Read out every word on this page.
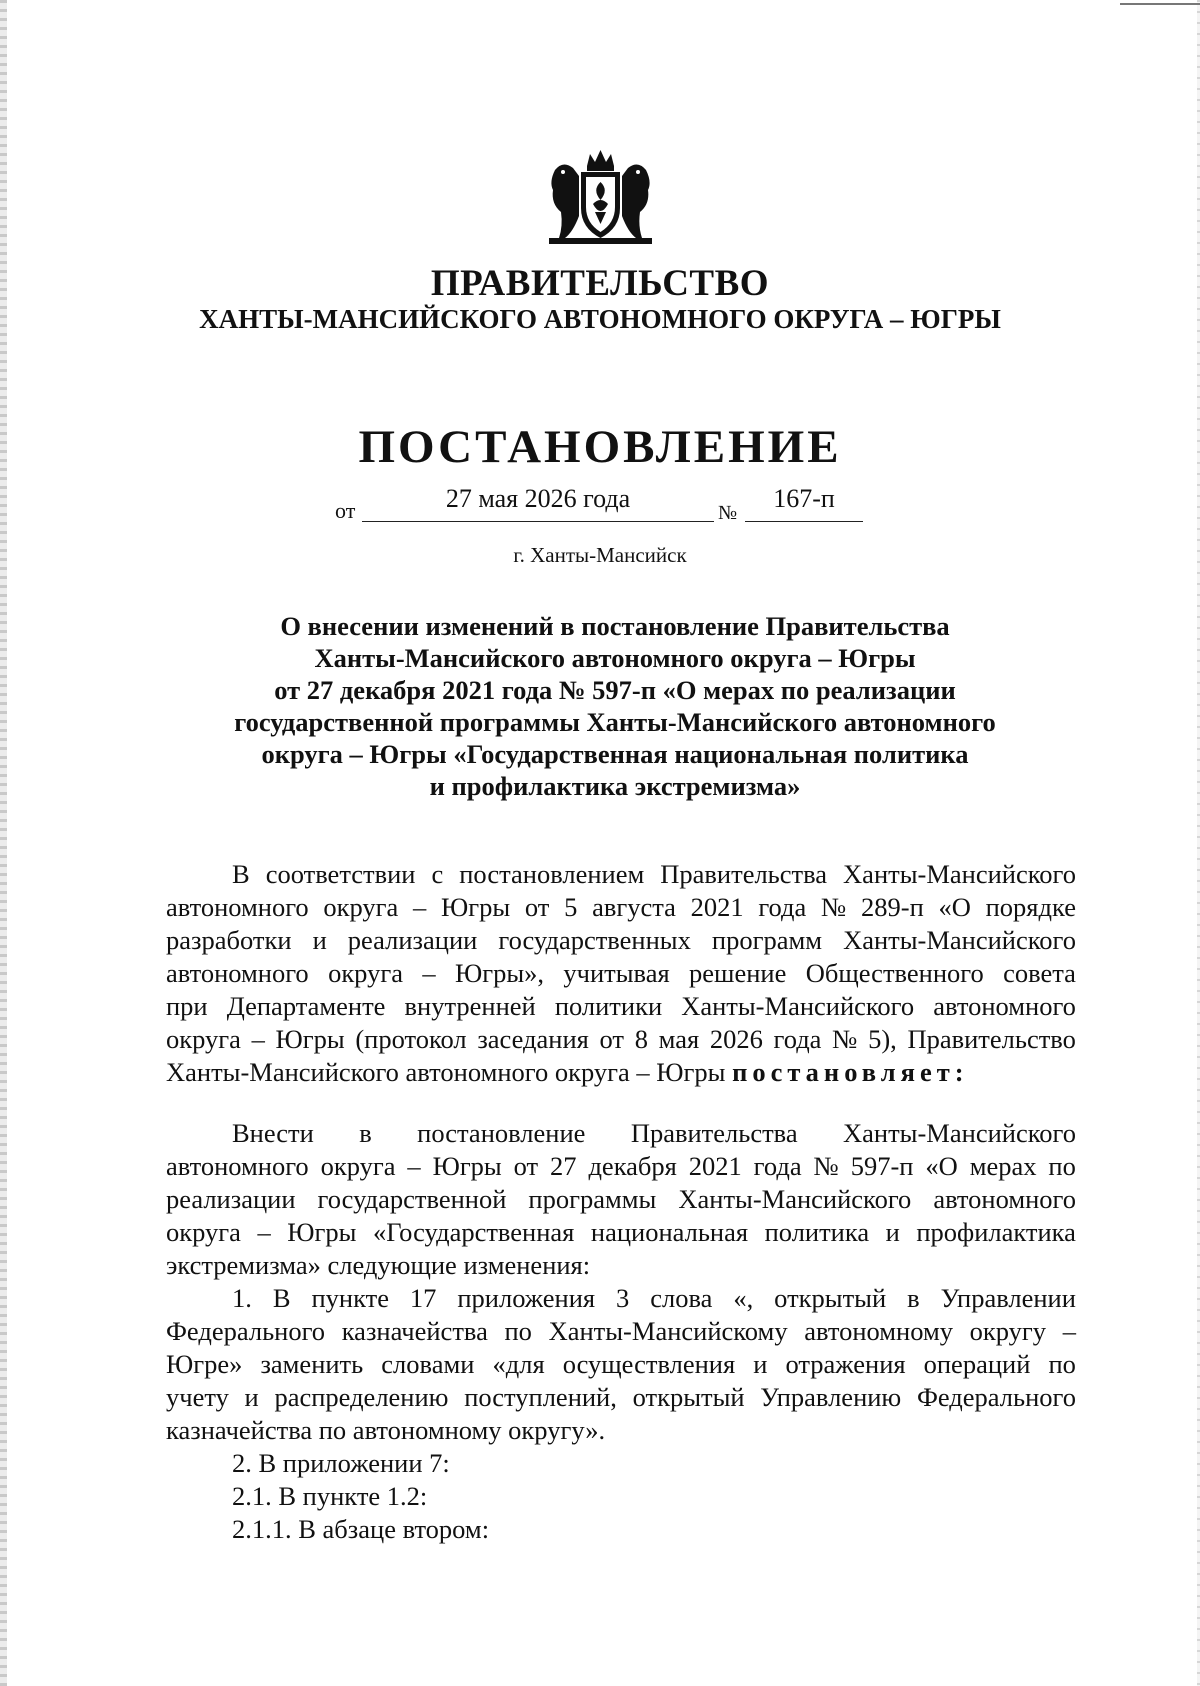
ПРАВИТЕЛЬСТВО
ХАНТЫ-МАНСИЙСКОГО АВТОНОМНОГО ОКРУГА – ЮГРЫ
ПОСТАНОВЛЕНИЕ
от	27 мая 2026 года	№	167-п
г. Ханты-Мансийск
О внесении изменений в постановление Правительства
Ханты-Мансийского автономного округа – Югры
от 27 декабря 2021 года № 597-п «О мерах по реализации
государственной программы Ханты-Мансийского автономного
округа – Югры «Государственная национальная политика
и профилактика экстремизма»
В соответствии с постановлением Правительства Ханты-Мансийского
автономного округа – Югры от 5 августа 2021 года № 289-п «О порядке
разработки и реализации государственных программ Ханты-Мансийского
автономного округа – Югры», учитывая решение Общественного совета
при Департаменте внутренней политики Ханты-Мансийского автономного
округа – Югры (протокол заседания от 8 мая 2026 года № 5), Правительство
Ханты-Мансийского автономного округа – Югры постановляет:
Внести в постановление Правительства Ханты-Мансийского
автономного округа – Югры от 27 декабря 2021 года № 597-п «О мерах по
реализации государственной программы Ханты-Мансийского автономного
округа – Югры «Государственная национальная политика и профилактика
экстремизма» следующие изменения:
1. В пункте 17 приложения 3 слова «, открытый в Управлении
Федерального казначейства по Ханты-Мансийскому автономному округу –
Югре» заменить словами «для осуществления и отражения операций по
учету и распределению поступлений, открытый Управлению Федерального
казначейства по автономному округу».
2. В приложении 7:
2.1. В пункте 1.2:
2.1.1. В абзаце втором:
